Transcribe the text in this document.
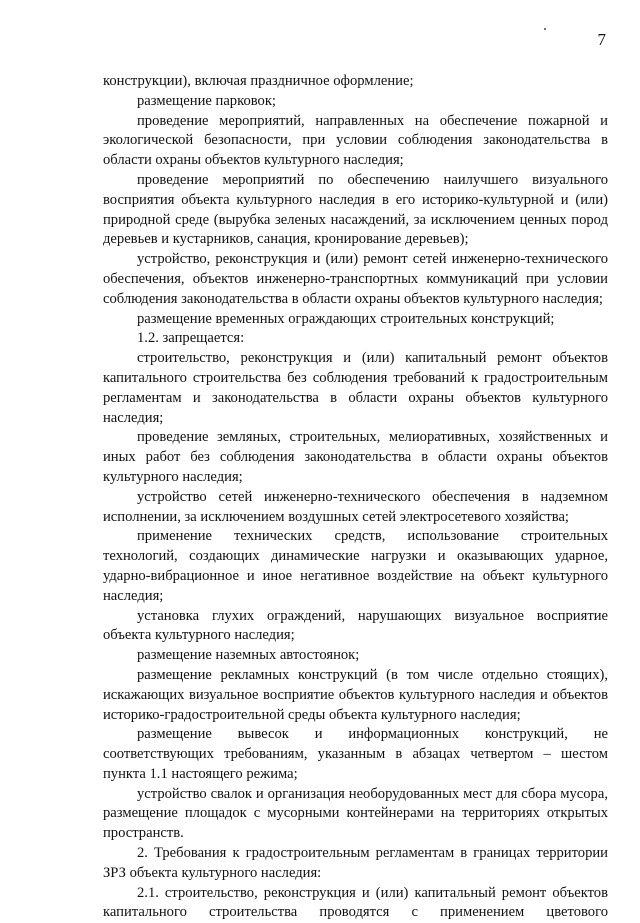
7

конструкции), включая праздничное оформление;

размещение парковок;

проведение мероприятий, направленных на обеспечение пожарной и экологической безопасности, при условии соблюдения законодательства в области охраны объектов культурного наследия;

проведение мероприятий по обеспечению наилучшего визуального восприятия объекта культурного наследия в его историко-культурной и (или) природной среде (вырубка зеленых насаждений, за исключением ценных пород деревьев и кустарников, санация, кронирование деревьев);

устройство, реконструкция и (или) ремонт сетей инженерно-технического обеспечения, объектов инженерно-транспортных коммуникаций при условии соблюдения законодательства в области охраны объектов культурного наследия;

размещение временных ограждающих строительных конструкций;

1.2. запрещается:

строительство, реконструкция и (или) капитальный ремонт объектов капитального строительства без соблюдения требований к градостроительным регламентам и законодательства в области охраны объектов культурного наследия;

проведение земляных, строительных, мелиоративных, хозяйственных и иных работ без соблюдения законодательства в области охраны объектов культурного наследия;

устройство сетей инженерно-технического обеспечения в надземном исполнении, за исключением воздушных сетей электросетевого хозяйства;

применение технических средств, использование строительных технологий, создающих динамические нагрузки и оказывающих ударное, ударно-вибрационное и иное негативное воздействие на объект культурного наследия;

установка глухих ограждений, нарушающих визуальное восприятие объекта культурного наследия;

размещение наземных автостоянок;

размещение рекламных конструкций (в том числе отдельно стоящих), искажающих визуальное восприятие объектов культурного наследия и объектов историко-градостроительной среды объекта культурного наследия;

размещение вывесок и информационных конструкций, не соответствующих требованиям, указанным в абзацах четвертом – шестом пункта 1.1 настоящего режима;

устройство свалок и организация необорудованных мест для сбора мусора, размещение площадок с мусорными контейнерами на территориях открытых пространств.

2. Требования к градостроительным регламентам в границах территории ЗРЗ объекта культурного наследия:

2.1. строительство, реконструкция и (или) капитальный ремонт объектов капитального строительства проводятся с применением цветового
